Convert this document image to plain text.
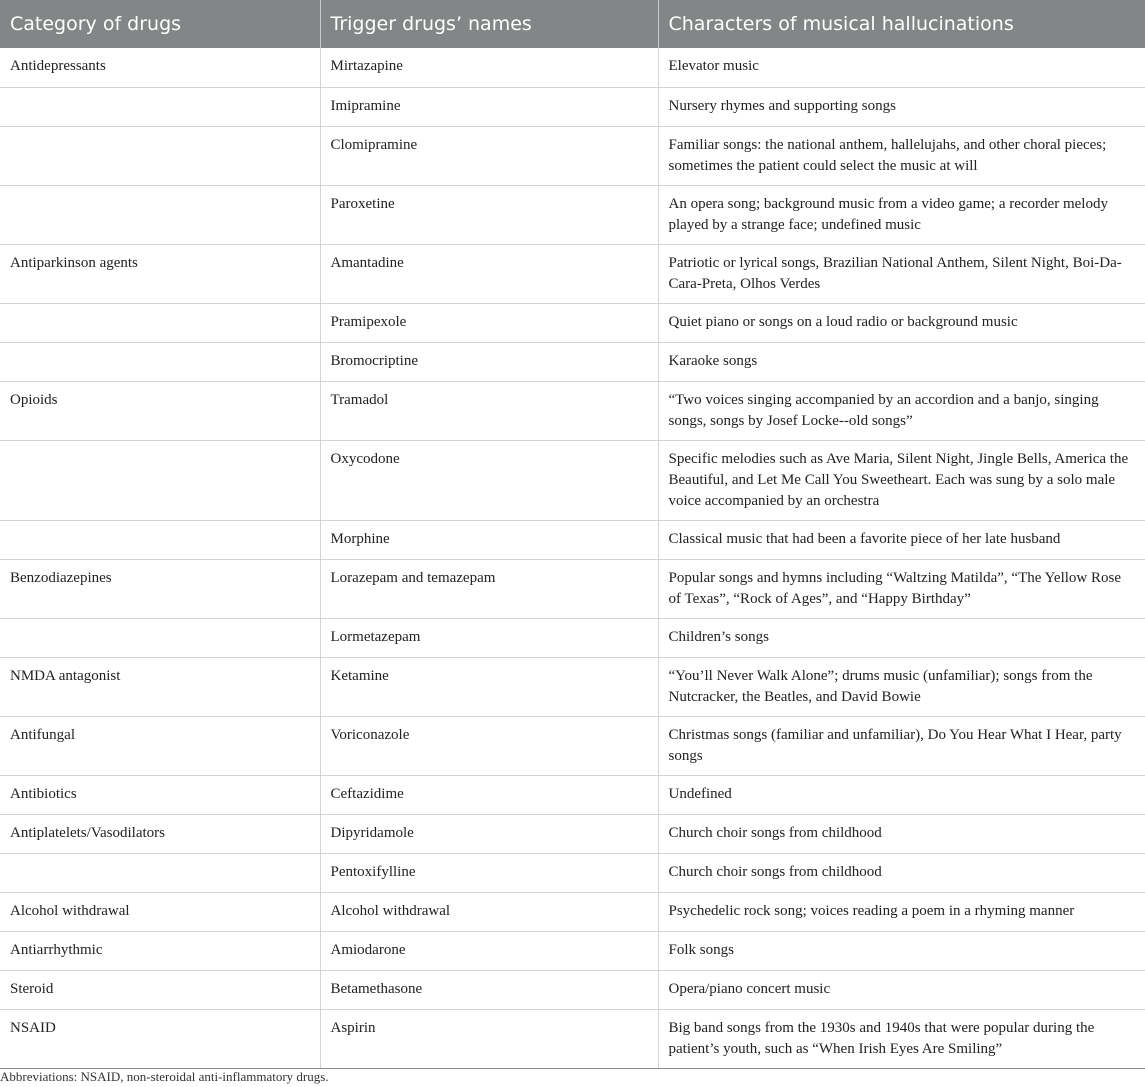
Category of drugs	Trigger drugs’ names	Characters of musical hallucinations
Antidepressants	Mirtazapine	Elevator music
	Imipramine	Nursery rhymes and supporting songs
	Clomipramine	Familiar songs: the national anthem, hallelujahs, and other choral pieces; sometimes the patient could select the music at will
	Paroxetine	An opera song; background music from a video game; a recorder melody played by a strange face; undefined music
Antiparkinson agents	Amantadine	Patriotic or lyrical songs, Brazilian National Anthem, Silent Night, Boi-Da-Cara-Preta, Olhos Verdes
	Pramipexole	Quiet piano or songs on a loud radio or background music
	Bromocriptine	Karaoke songs
Opioids	Tramadol	“Two voices singing accompanied by an accordion and a banjo, singing songs, songs by Josef Locke--old songs”
	Oxycodone	Specific melodies such as Ave Maria, Silent Night, Jingle Bells, America the Beautiful, and Let Me Call You Sweetheart. Each was sung by a solo male voice accompanied by an orchestra
	Morphine	Classical music that had been a favorite piece of her late husband
Benzodiazepines	Lorazepam and temazepam	Popular songs and hymns including “Waltzing Matilda”, “The Yellow Rose of Texas”, “Rock of Ages”, and “Happy Birthday”
	Lormetazepam	Children’s songs
NMDA antagonist	Ketamine	“You’ll Never Walk Alone”; drums music (unfamiliar); songs from the Nutcracker, the Beatles, and David Bowie
Antifungal	Voriconazole	Christmas songs (familiar and unfamiliar), Do You Hear What I Hear, party songs
Antibiotics	Ceftazidime	Undefined
Antiplatelets/Vasodilators	Dipyridamole	Church choir songs from childhood
	Pentoxifylline	Church choir songs from childhood
Alcohol withdrawal	Alcohol withdrawal	Psychedelic rock song; voices reading a poem in a rhyming manner
Antiarrhythmic	Amiodarone	Folk songs
Steroid	Betamethasone	Opera/piano concert music
NSAID	Aspirin	Big band songs from the 1930s and 1940s that were popular during the patient’s youth, such as “When Irish Eyes Are Smiling”
Abbreviations: NSAID, non-steroidal anti-inflammatory drugs.
